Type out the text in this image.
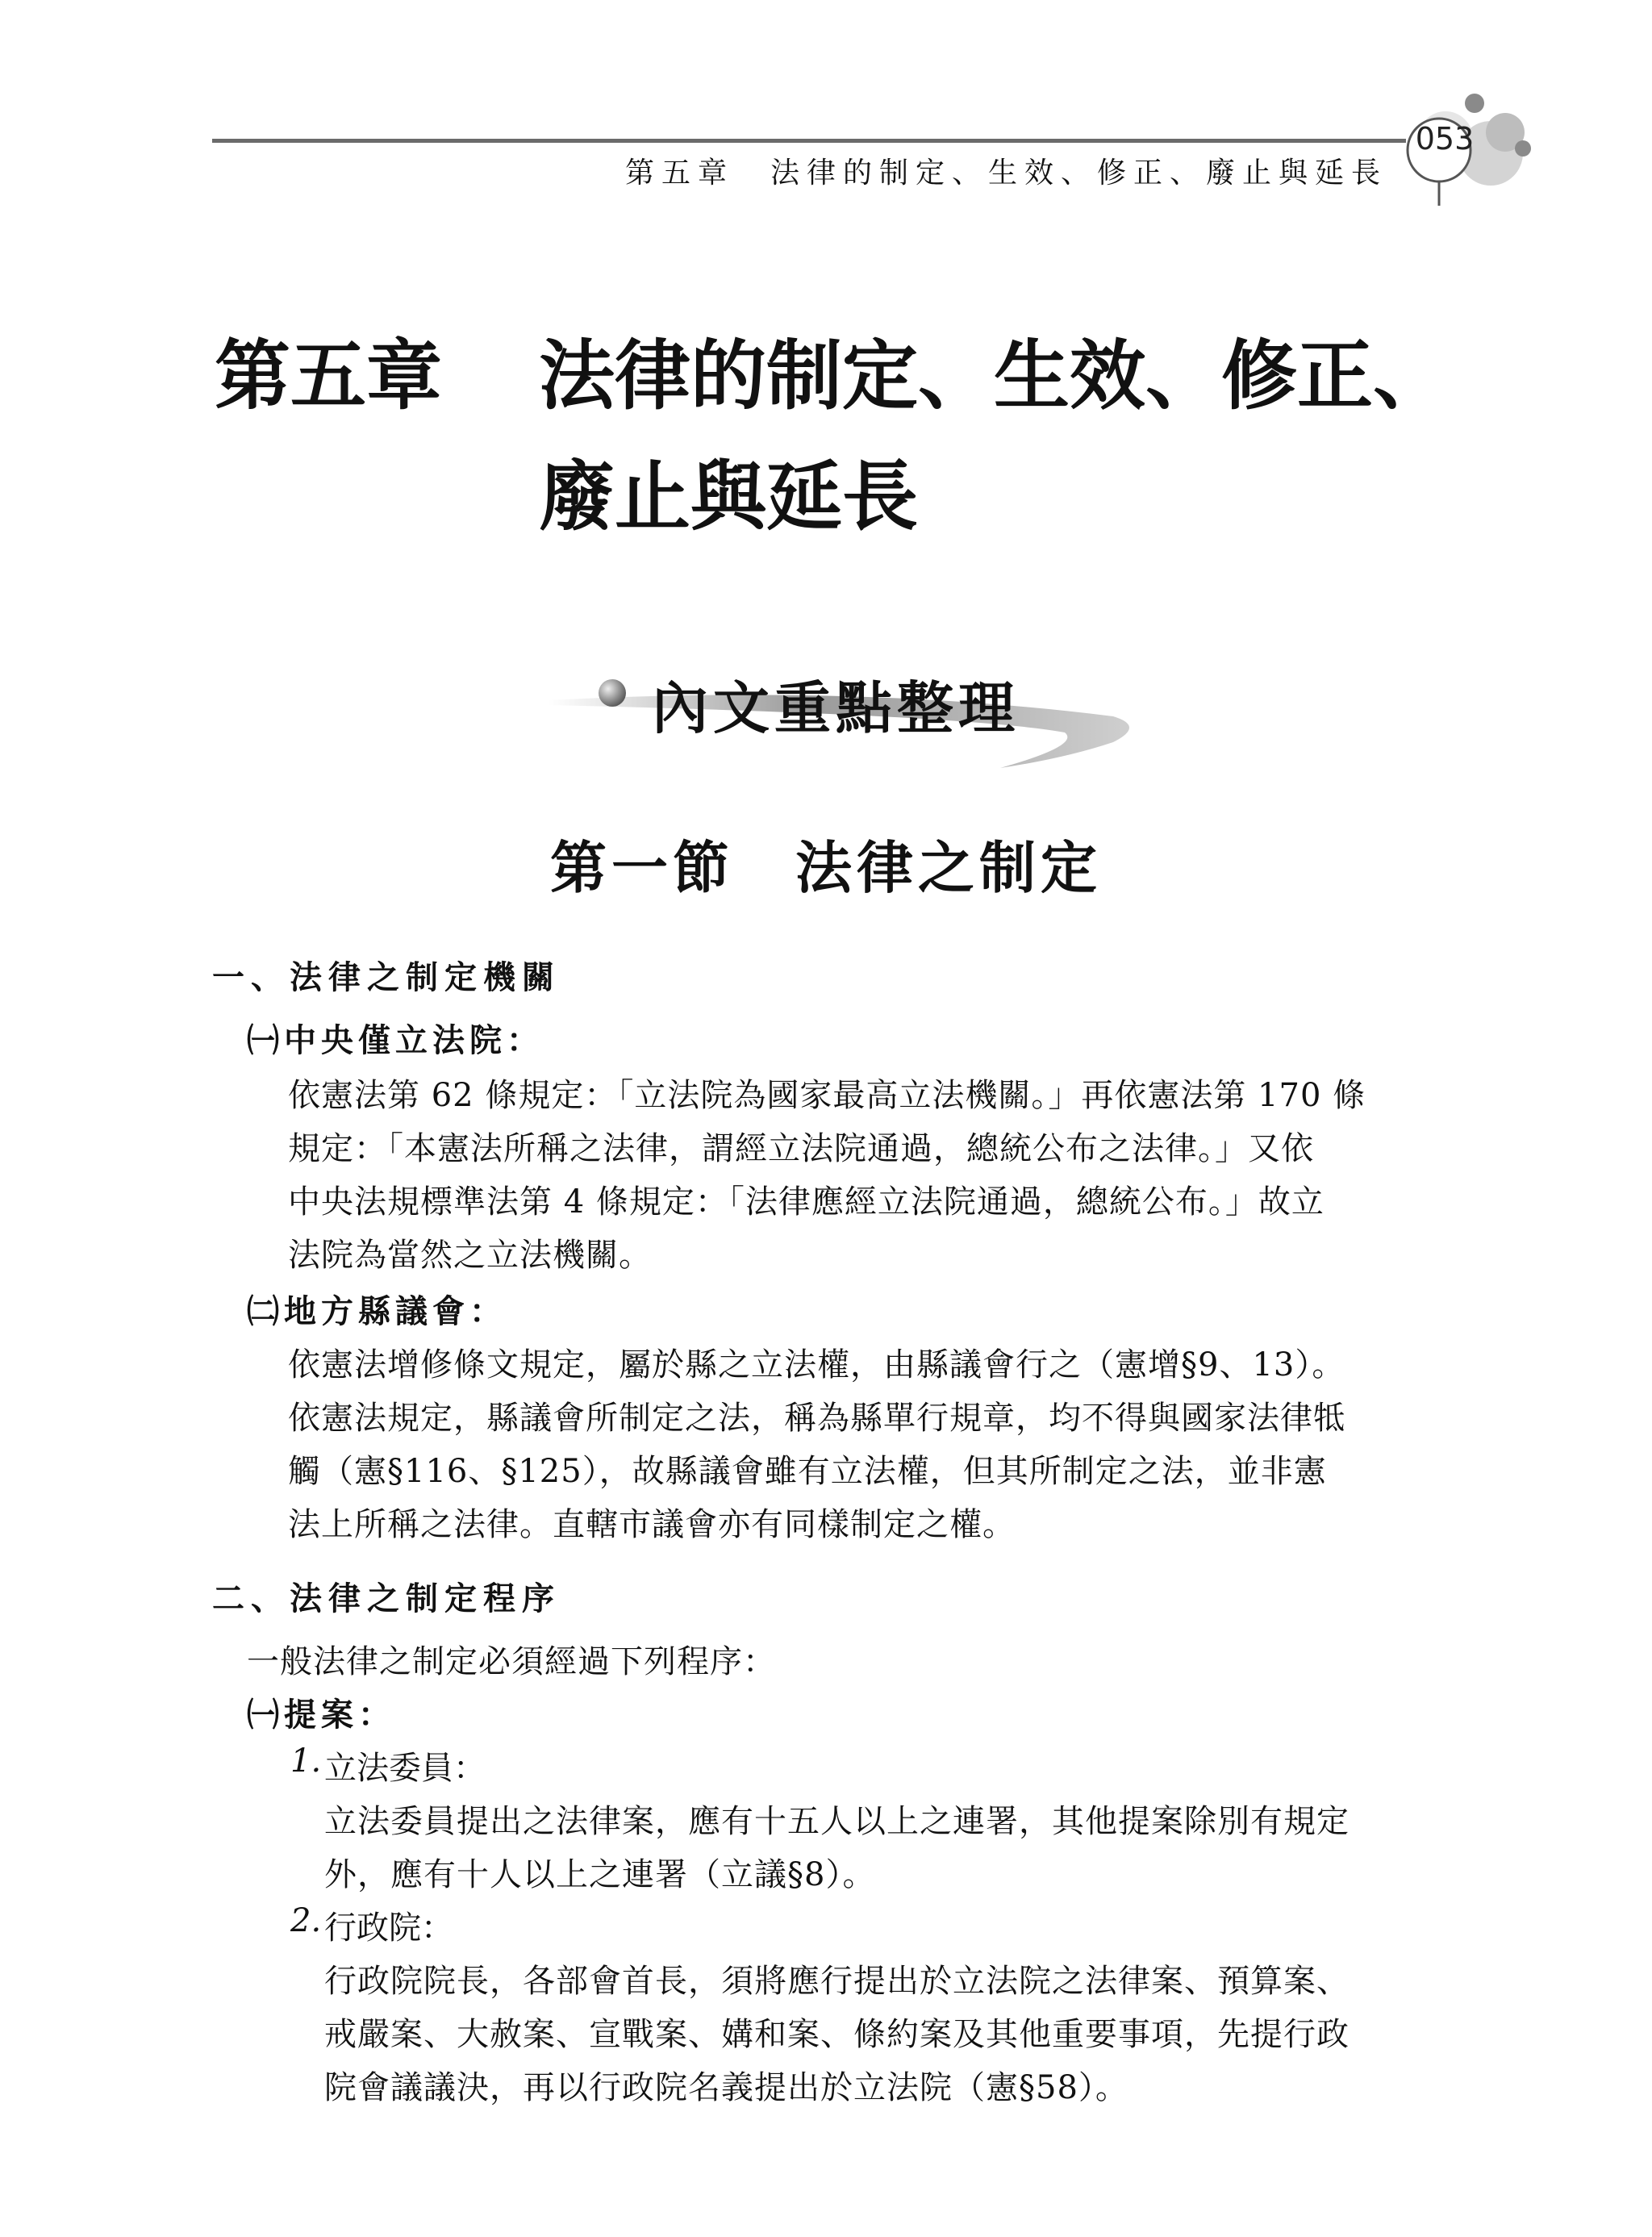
第五章　法律的制定、生效、修正、廢止與延長
053
第五章 法律的制定、生效、修正、
廢止與延長
內文重點整理
第一節　法律之制定
一、法律之制定機關
㈠中央僅立法院：
依憲法第 62 條規定：「立法院為國家最高立法機關。」再依憲法第 170 條
規定：「本憲法所稱之法律，謂經立法院通過，總統公布之法律。」又依
中央法規標準法第 4 條規定：「法律應經立法院通過，總統公布。」故立
法院為當然之立法機關。
㈡地方縣議會：
依憲法增修條文規定，屬於縣之立法權，由縣議會行之（憲增§9、13）。
依憲法規定，縣議會所制定之法，稱為縣單行規章，均不得與國家法律牴
觸（憲§116、§125），故縣議會雖有立法權，但其所制定之法，並非憲
法上所稱之法律。直轄市議會亦有同樣制定之權。
二、法律之制定程序
一般法律之制定必須經過下列程序：
㈠提案：
1. 立法委員：
立法委員提出之法律案，應有十五人以上之連署，其他提案除別有規定
外，應有十人以上之連署（立議§8）。
2. 行政院：
行政院院長，各部會首長，須將應行提出於立法院之法律案、預算案、
戒嚴案、大赦案、宣戰案、媾和案、條約案及其他重要事項，先提行政
院會議議決，再以行政院名義提出於立法院（憲§58）。
